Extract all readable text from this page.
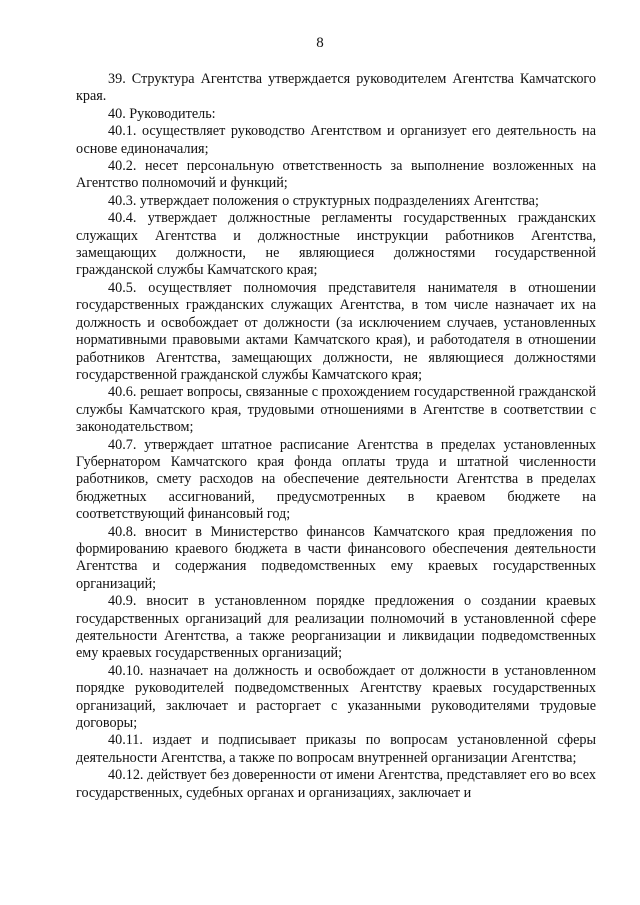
8

39. Структура Агентства утверждается руководителем Агентства Камчатского края.

40. Руководитель:

40.1. осуществляет руководство Агентством и организует его деятельность на основе единоначалия;

40.2. несет персональную ответственность за выполнение возложенных на Агентство полномочий и функций;

40.3. утверждает положения о структурных подразделениях Агентства;

40.4. утверждает должностные регламенты государственных гражданских служащих Агентства и должностные инструкции работников Агентства, замещающих должности, не являющиеся должностями государственной гражданской службы Камчатского края;

40.5. осуществляет полномочия представителя нанимателя в отношении государственных гражданских служащих Агентства, в том числе назначает их на должность и освобождает от должности (за исключением случаев, установленных нормативными правовыми актами Камчатского края), и работодателя в отношении работников Агентства, замещающих должности, не являющиеся должностями государственной гражданской службы Камчатского края;

40.6. решает вопросы, связанные с прохождением государственной гражданской службы Камчатского края, трудовыми отношениями в Агентстве в соответствии с законодательством;

40.7. утверждает штатное расписание Агентства в пределах установленных Губернатором Камчатского края фонда оплаты труда и штатной численности работников, смету расходов на обеспечение деятельности Агентства в пределах бюджетных ассигнований, предусмотренных в краевом бюджете на соответствующий финансовый год;

40.8. вносит в Министерство финансов Камчатского края предложения по формированию краевого бюджета в части финансового обеспечения деятельности Агентства и содержания подведомственных ему краевых государственных организаций;

40.9. вносит в установленном порядке предложения о создании краевых государственных организаций для реализации полномочий в установленной сфере деятельности Агентства, а также реорганизации и ликвидации подведомственных ему краевых государственных организаций;

40.10. назначает на должность и освобождает от должности в установленном порядке руководителей подведомственных Агентству краевых государственных организаций, заключает и расторгает с указанными руководителями трудовые договоры;

40.11. издает и подписывает приказы по вопросам установленной сферы деятельности Агентства, а также по вопросам внутренней организации Агентства;

40.12. действует без доверенности от имени Агентства, представляет его во всех государственных, судебных органах и организациях, заключает и
